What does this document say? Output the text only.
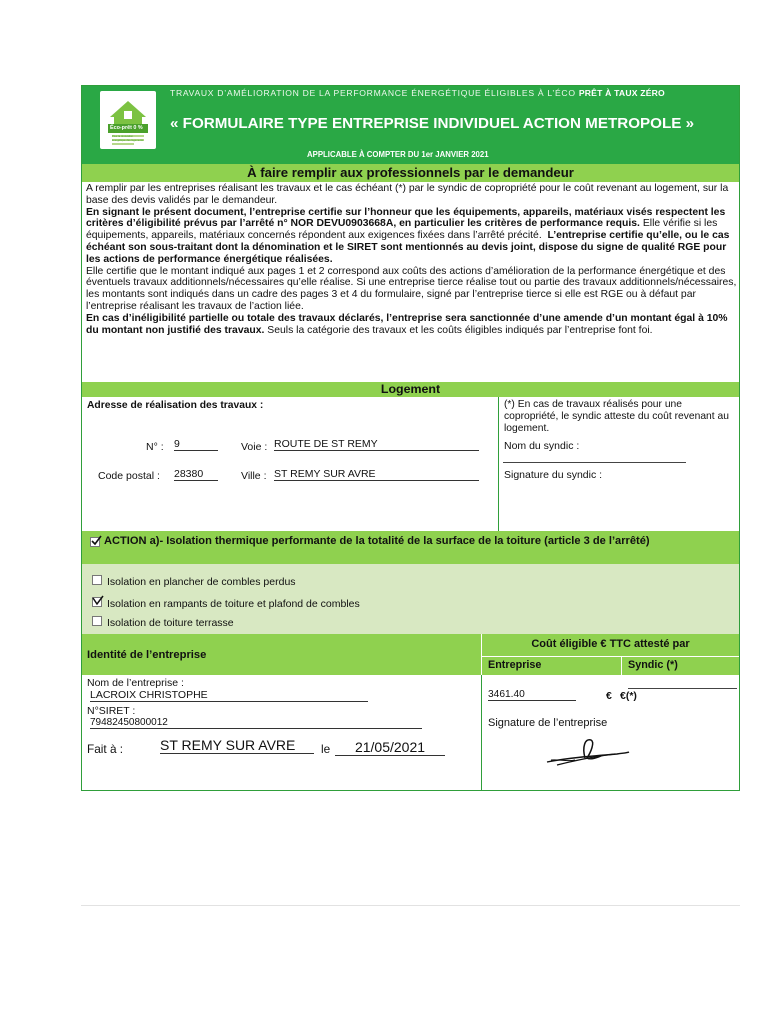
Éco-prêt 0 %
Pour la rénovation énergétique des logements
TRAVAUX D’AMÉLIORATION DE LA PERFORMANCE ÉNERGÉTIQUE ÉLIGIBLES À L’ÉCO PRÊT À TAUX ZÉRO
« FORMULAIRE TYPE ENTREPRISE INDIVIDUEL ACTION METROPOLE »
APPLICABLE À COMPTER DU 1er JANVIER 2021
À faire remplir aux professionnels par le demandeur

A remplir par les entreprises réalisant les travaux et le cas échéant (*) par le syndic de copropriété pour le coût revenant au logement, sur la base des devis validés par le demandeur.

En signant le présent document, l’entreprise certifie sur l’honneur que les équipements, appareils, matériaux visés respectent les critères d’éligibilité prévus par l’arrêté n° NOR DEVU0903668A, en particulier les critères de performance requis. Elle vérifie si les équipements, appareils, matériaux concernés répondent aux exigences fixées dans l’arrêté précité. L’entreprise certifie qu’elle, ou le cas échéant son sous-traitant dont la dénomination et le SIRET sont mentionnés au devis joint, dispose du signe de qualité RGE pour les actions de performance énergétique réalisées.

Elle certifie que le montant indiqué aux pages 1 et 2 correspond aux coûts des actions d’amélioration de la performance énergétique et des éventuels travaux additionnels/nécessaires qu’elle réalise. Si une entreprise tierce réalise tout ou partie des travaux additionnels/nécessaires, les montants sont indiqués dans un cadre des pages 3 et 4 du formulaire, signé par l’entreprise tierce si elle est RGE ou à défaut par l’entreprise réalisant les travaux de l’action liée.

En cas d’inéligibilité partielle ou totale des travaux déclarés, l’entreprise sera sanctionnée d’une amende d’un montant égal à 10% du montant non justifié des travaux. Seuls la catégorie des travaux et les coûts éligibles indiqués par l’entreprise font foi.

Logement
Adresse de réalisation des travaux :
N° : 9	Voie : ROUTE DE ST REMY
Code postal : 28380	Ville : ST REMY SUR AVRE
(*) En cas de travaux réalisés pour une copropriété, le syndic atteste du coût revenant au logement.
Nom du syndic :
Signature du syndic :
ACTION a)- Isolation thermique performante de la totalité de la surface de la toiture (article 3 de l’arrêté)
Isolation en plancher de combles perdus
Isolation en rampants de toiture et plafond de combles
Isolation de toiture terrasse
Identité de l’entreprise
Coût éligible € TTC attesté par
Entreprise	Syndic (*)
Nom de l’entreprise :
LACROIX CHRISTOPHE
N°SIRET :
79482450800012
Fait à :	ST REMY SUR AVRE	le	21/05/2021
3461.40	€ €(*)
Signature de l’entreprise
